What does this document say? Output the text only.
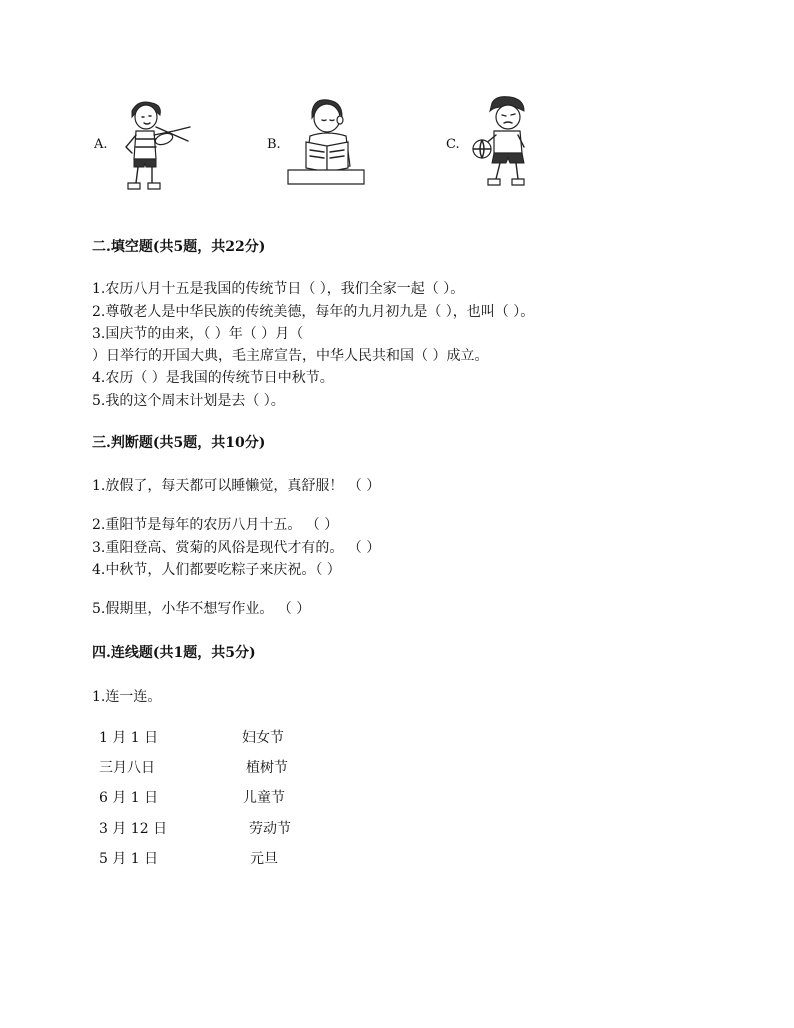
A.	B.	C.
二.填空题(共5题，共22分)
1.农历八月十五是我国的传统节日（ ），我们全家一起（ ）。
2.尊敬老人是中华民族的传统美德，每年的九月初九是（ ），也叫（ ）。
3.国庆节的由来，（ ）年（ ）月（
）日举行的开国大典，毛主席宣告，中华人民共和国（ ）成立。
4.农历（ ）是我国的传统节日中秋节。
5.我的这个周末计划是去（ ）。
三.判断题(共5题，共10分)
1.放假了，每天都可以睡懒觉，真舒服！ （ ）
2.重阳节是每年的农历八月十五。 （ ）
3.重阳登高、赏菊的风俗是现代才有的。 （ ）
4.中秋节，人们都要吃粽子来庆祝。（ ）
5.假期里，小华不想写作业。 （ ）
四.连线题(共1题，共5分)
1.连一连。
1 月 1 日
三月八日
6 月 1 日
3 月 12 日
5 月 1 日
妇女节
植树节
儿童节
劳动节
元旦
